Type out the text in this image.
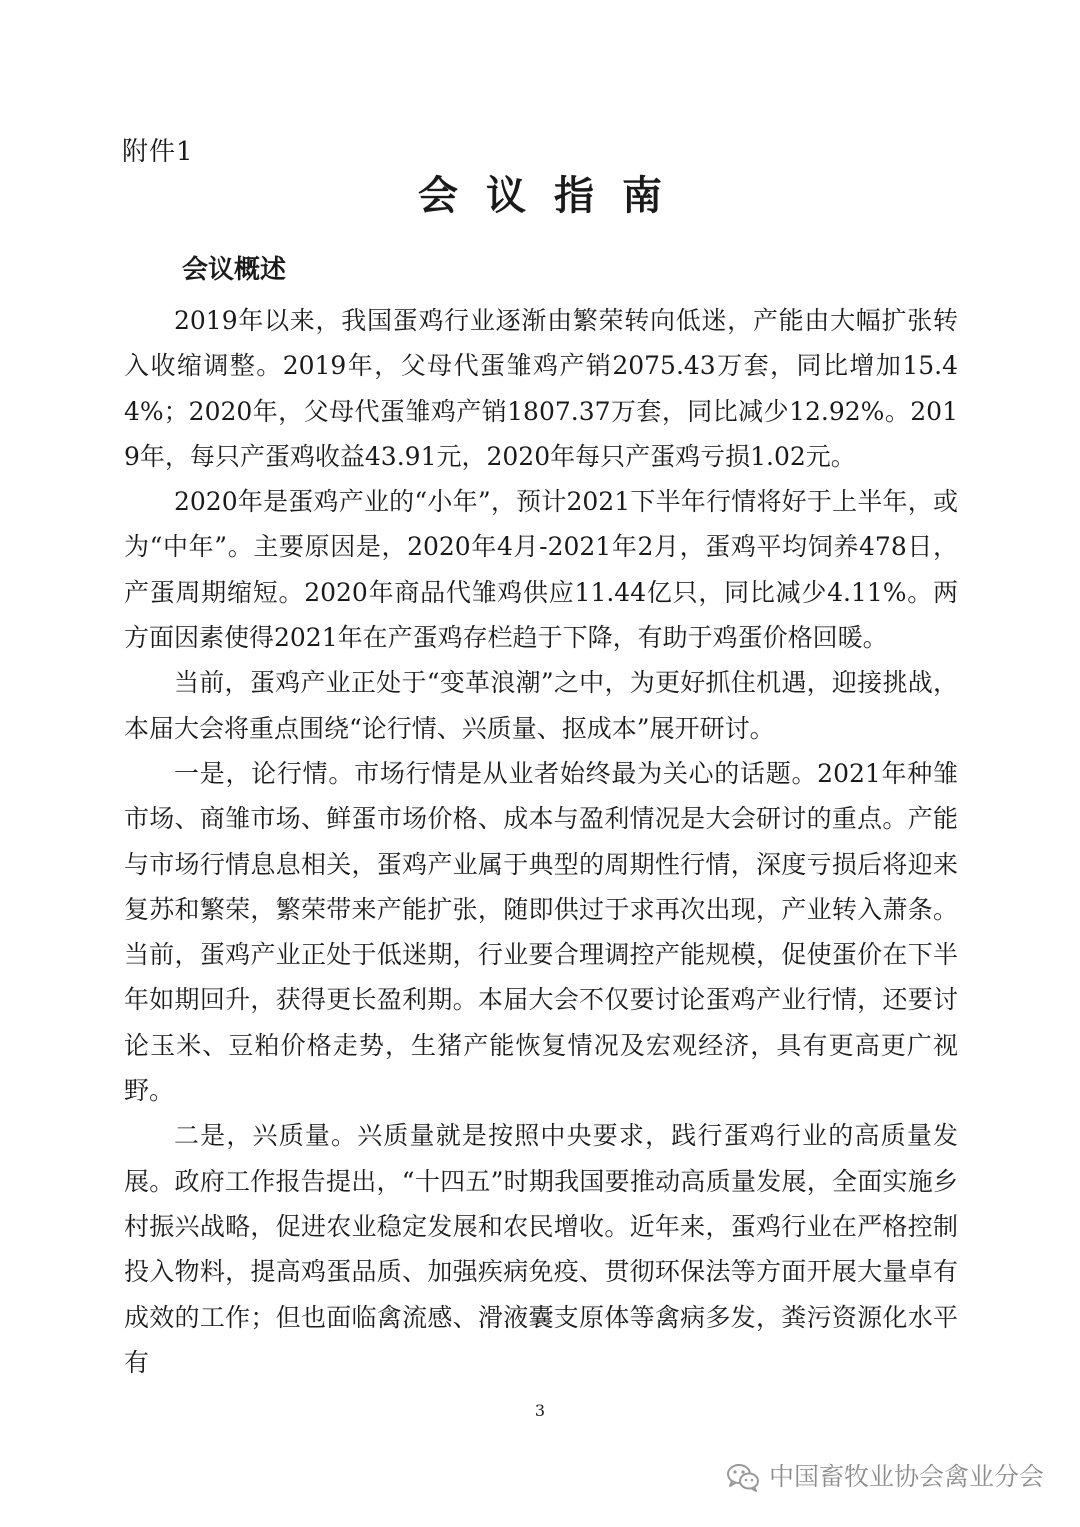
附件1
会议指南
会议概述

2019年以来，我国蛋鸡行业逐渐由繁荣转向低迷，产能由大幅扩张转入收缩调整。2019年，父母代蛋雏鸡产销2075.43万套，同比增加15.44%；2020年，父母代蛋雏鸡产销1807.37万套，同比减少12.92%。2019年，每只产蛋鸡收益43.91元，2020年每只产蛋鸡亏损1.02元。

2020年是蛋鸡产业的“小年”，预计2021下半年行情将好于上半年，或为“中年”。主要原因是，2020年4月-2021年2月，蛋鸡平均饲养478日，产蛋周期缩短。2020年商品代雏鸡供应11.44亿只，同比减少4.11%。两方面因素使得2021年在产蛋鸡存栏趋于下降，有助于鸡蛋价格回暖。

当前，蛋鸡产业正处于“变革浪潮”之中，为更好抓住机遇，迎接挑战，本届大会将重点围绕“论行情、兴质量、抠成本”展开研讨。

一是，论行情。市场行情是从业者始终最为关心的话题。2021年种雏市场、商雏市场、鲜蛋市场价格、成本与盈利情况是大会研讨的重点。产能与市场行情息息相关，蛋鸡产业属于典型的周期性行情，深度亏损后将迎来复苏和繁荣，繁荣带来产能扩张，随即供过于求再次出现，产业转入萧条。当前，蛋鸡产业正处于低迷期，行业要合理调控产能规模，促使蛋价在下半年如期回升，获得更长盈利期。本届大会不仅要讨论蛋鸡产业行情，还要讨论玉米、豆粕价格走势，生猪产能恢复情况及宏观经济，具有更高更广视野。

二是，兴质量。兴质量就是按照中央要求，践行蛋鸡行业的高质量发展。政府工作报告提出，“十四五”时期我国要推动高质量发展，全面实施乡村振兴战略，促进农业稳定发展和农民增收。近年来，蛋鸡行业在严格控制投入物料，提高鸡蛋品质、加强疾病免疫、贯彻环保法等方面开展大量卓有成效的工作；但也面临禽流感、滑液囊支原体等禽病多发，粪污资源化水平有

3
中国畜牧业协会禽业分会
